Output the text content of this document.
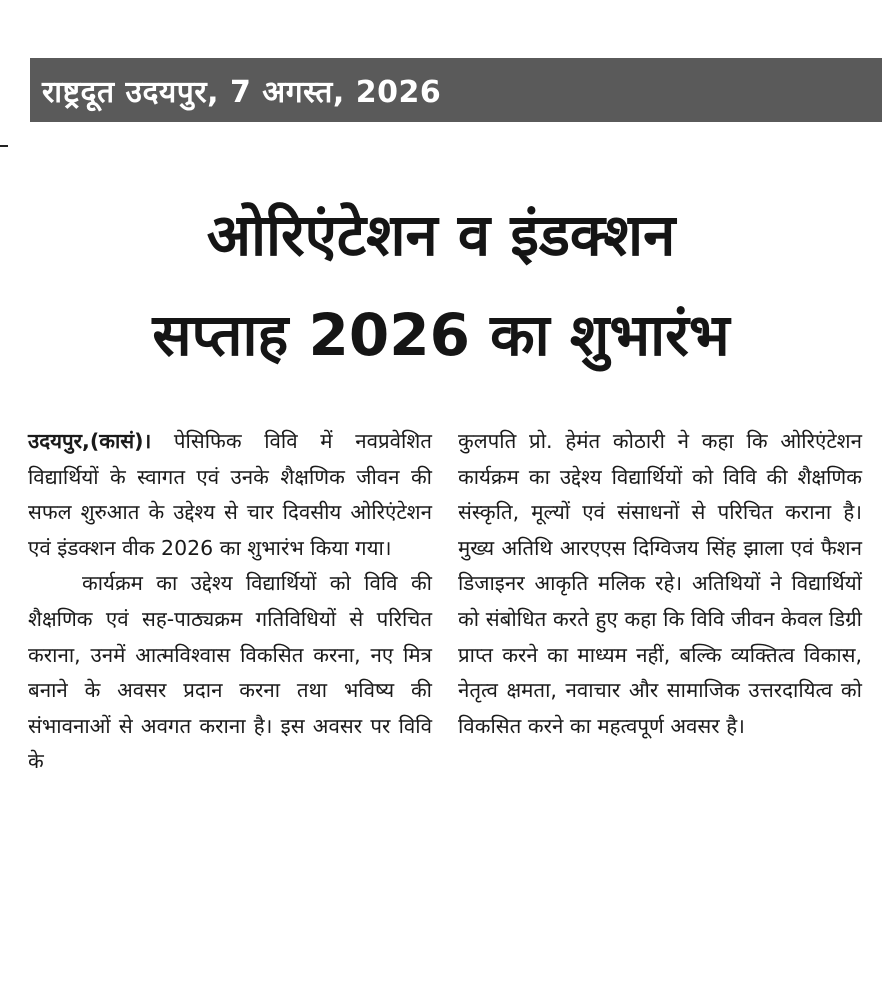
राष्ट्रदूत उदयपुर, 7 अगस्त, 2026
ओरिएंटेशन व इंडक्शन
सप्ताह 2026 का शुभारंभ

उदयपुर,(कासं)। पेसिफिक विवि में नवप्रवेशित विद्यार्थियों के स्वागत एवं उनके शैक्षणिक जीवन की सफल शुरुआत के उद्देश्य से चार दिवसीय ओरिएंटेशन एवं इंडक्शन वीक 2026 का शुभारंभ किया गया।

कार्यक्रम का उद्देश्य विद्यार्थियों को विवि की शैक्षणिक एवं सह-पाठ्यक्रम गतिविधियों से परिचित कराना, उनमें आत्मविश्वास विकसित करना, नए मित्र बनाने के अवसर प्रदान करना तथा भविष्य की संभावनाओं से अवगत कराना है। इस अवसर पर विवि के

कुलपति प्रो. हेमंत कोठारी ने कहा कि ओरिएंटेशन कार्यक्रम का उद्देश्य विद्यार्थियों को विवि की शैक्षणिक संस्कृति, मूल्यों एवं संसाधनों से परिचित कराना है। मुख्य अतिथि आरएएस दिग्विजय सिंह झाला एवं फैशन डिजाइनर आकृति मलिक रहे। अतिथियों ने विद्यार्थियों को संबोधित करते हुए कहा कि विवि जीवन केवल डिग्री प्राप्त करने का माध्यम नहीं, बल्कि व्यक्तित्व विकास, नेतृत्व क्षमता, नवाचार और सामाजिक उत्तरदायित्व को विकसित करने का महत्वपूर्ण अवसर है।
